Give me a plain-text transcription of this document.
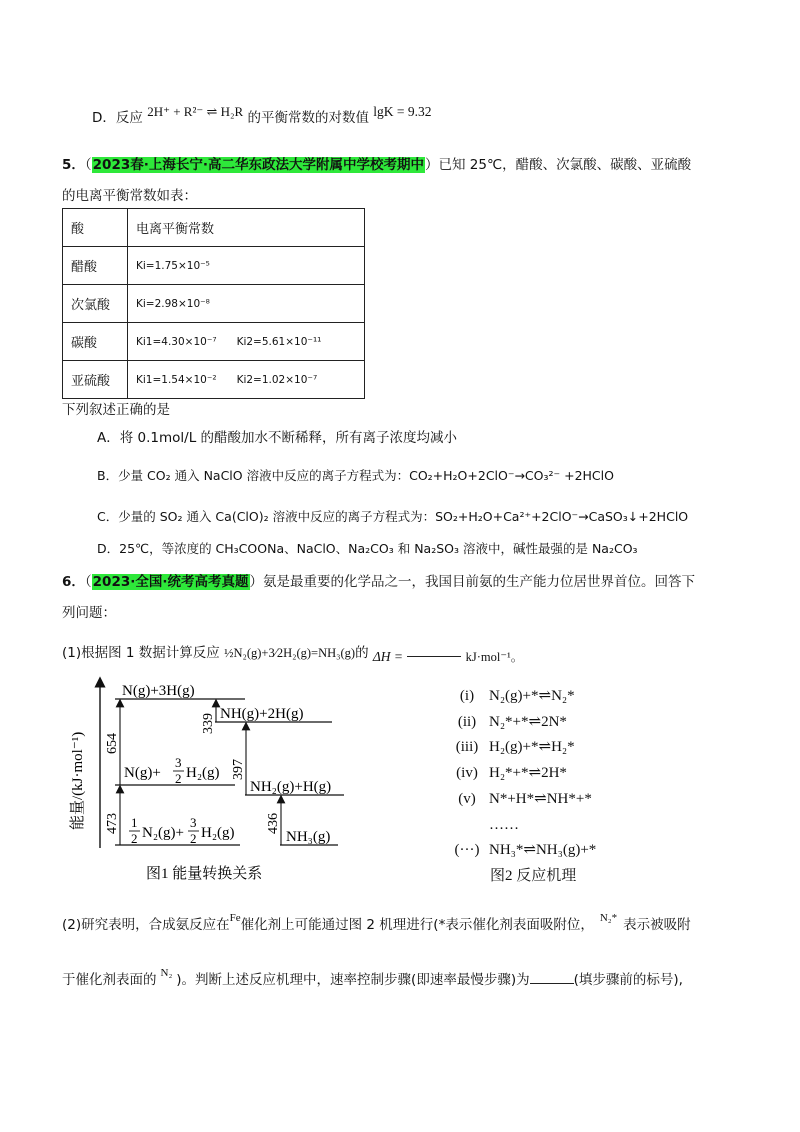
D．反应 2H⁺ + R²⁻ ⇌ H₂R 的平衡常数的对数值 lgK = 9.32
5．（2023春·上海长宁·高二华东政法大学附属中学校考期中）已知 25℃，醋酸、次氯酸、碳酸、亚硫酸
的电离平衡常数如表：
酸	电离平衡常数
醋酸	Ki=1.75×10⁻⁵
次氯酸	Ki=2.98×10⁻⁸
碳酸	Ki1=4.30×10⁻⁷ Ki2=5.61×10⁻¹¹
亚硫酸	Ki1=1.54×10⁻² Ki2=1.02×10⁻⁷
下列叙述正确的是
A．将 0.1mol/L 的醋酸加水不断稀释，所有离子浓度均减小
B．少量 CO₂ 通入 NaClO 溶液中反应的离子方程式为：CO₂+H₂O+2ClO⁻→CO₃²⁻ +2HClO
C．少量的 SO₂ 通入 Ca(ClO)₂ 溶液中反应的离子方程式为：SO₂+H₂O+Ca²⁺+2ClO⁻→CaSO₃↓+2HClO
D．25℃，等浓度的 CH₃COONa、NaClO、Na₂CO₃ 和 Na₂SO₃ 溶液中，碱性最强的是 Na₂CO₃
6．（2023·全国·统考高考真题）氨是最重要的化学品之一，我国目前氨的生产能力位居世界首位。回答下
列问题：
(1)根据图 1 数据计算反应 ½N₂(g)+3⁄2H₂(g)=NH₃(g)的 ΔH =	kJ·mol⁻¹。
能量/(kJ·mol⁻¹) 654
339
397
473	436
N(g)+3H(g)
NH(g)+2H(g)
NH₂(g)+H(g)
NH₃(g)
N(g)+
3
2 H₂(g)
1
2 N₂(g)+
3
2 H₂(g)
图1 能量转换关系
(i) N₂(g)+*⇌N₂*
(ii) N₂*+*⇌2N*
(iii) H₂(g)+*⇌H₂*
(iv) H₂*+*⇌2H*
(v) N*+H*⇌NH*+*
……
(···) NH₃*⇌NH₃(g)+*
图2 反应机理
(2)研究表明，合成氨反应在$^{Fe}$催化剂上可能通过图 2 机理进行(*表示催化剂表面吸附位， $^{N_2*}$ 表示被吸附
于催化剂表面的 $^{N_2}$ )。判断上述反应机理中，速率控制步骤(即速率最慢步骤)为	(填步骤前的标号),
